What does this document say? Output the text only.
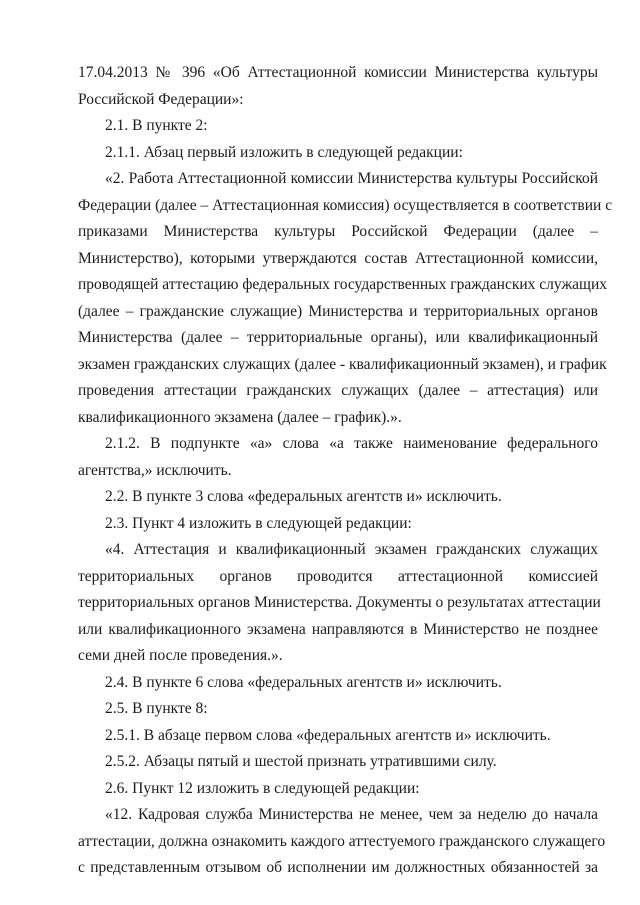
17.04.2013 № 396 «Об Аттестационной комиссии Министерства культуры
Российской Федерации»:
2.1. В пункте 2:
2.1.1. Абзац первый изложить в следующей редакции:
«2. Работа Аттестационной комиссии Министерства культуры Российской
Федерации (далее – Аттестационная комиссия) осуществляется в соответствии с
приказами Министерства культуры Российской Федерации (далее –
Министерство), которыми утверждаются состав Аттестационной комиссии,
проводящей аттестацию федеральных государственных гражданских служащих
(далее – гражданские служащие) Министерства и территориальных органов
Министерства (далее – территориальные органы), или квалификационный
экзамен гражданских служащих (далее - квалификационный экзамен), и график
проведения аттестации гражданских служащих (далее – аттестация) или
квалификационного экзамена (далее – график).».
2.1.2. В подпункте «а» слова «а также наименование федерального
агентства,» исключить.
2.2. В пункте 3 слова «федеральных агентств и» исключить.
2.3. Пункт 4 изложить в следующей редакции:
«4. Аттестация и квалификационный экзамен гражданских служащих
территориальных органов проводится аттестационной комиссией
территориальных органов Министерства. Документы о результатах аттестации
или квалификационного экзамена направляются в Министерство не позднее
семи дней после проведения.».
2.4. В пункте 6 слова «федеральных агентств и» исключить.
2.5. В пункте 8:
2.5.1. В абзаце первом слова «федеральных агентств и» исключить.
2.5.2. Абзацы пятый и шестой признать утратившими силу.
2.6. Пункт 12 изложить в следующей редакции:
«12. Кадровая служба Министерства не менее, чем за неделю до начала
аттестации, должна ознакомить каждого аттестуемого гражданского служащего
с представленным отзывом об исполнении им должностных обязанностей за
